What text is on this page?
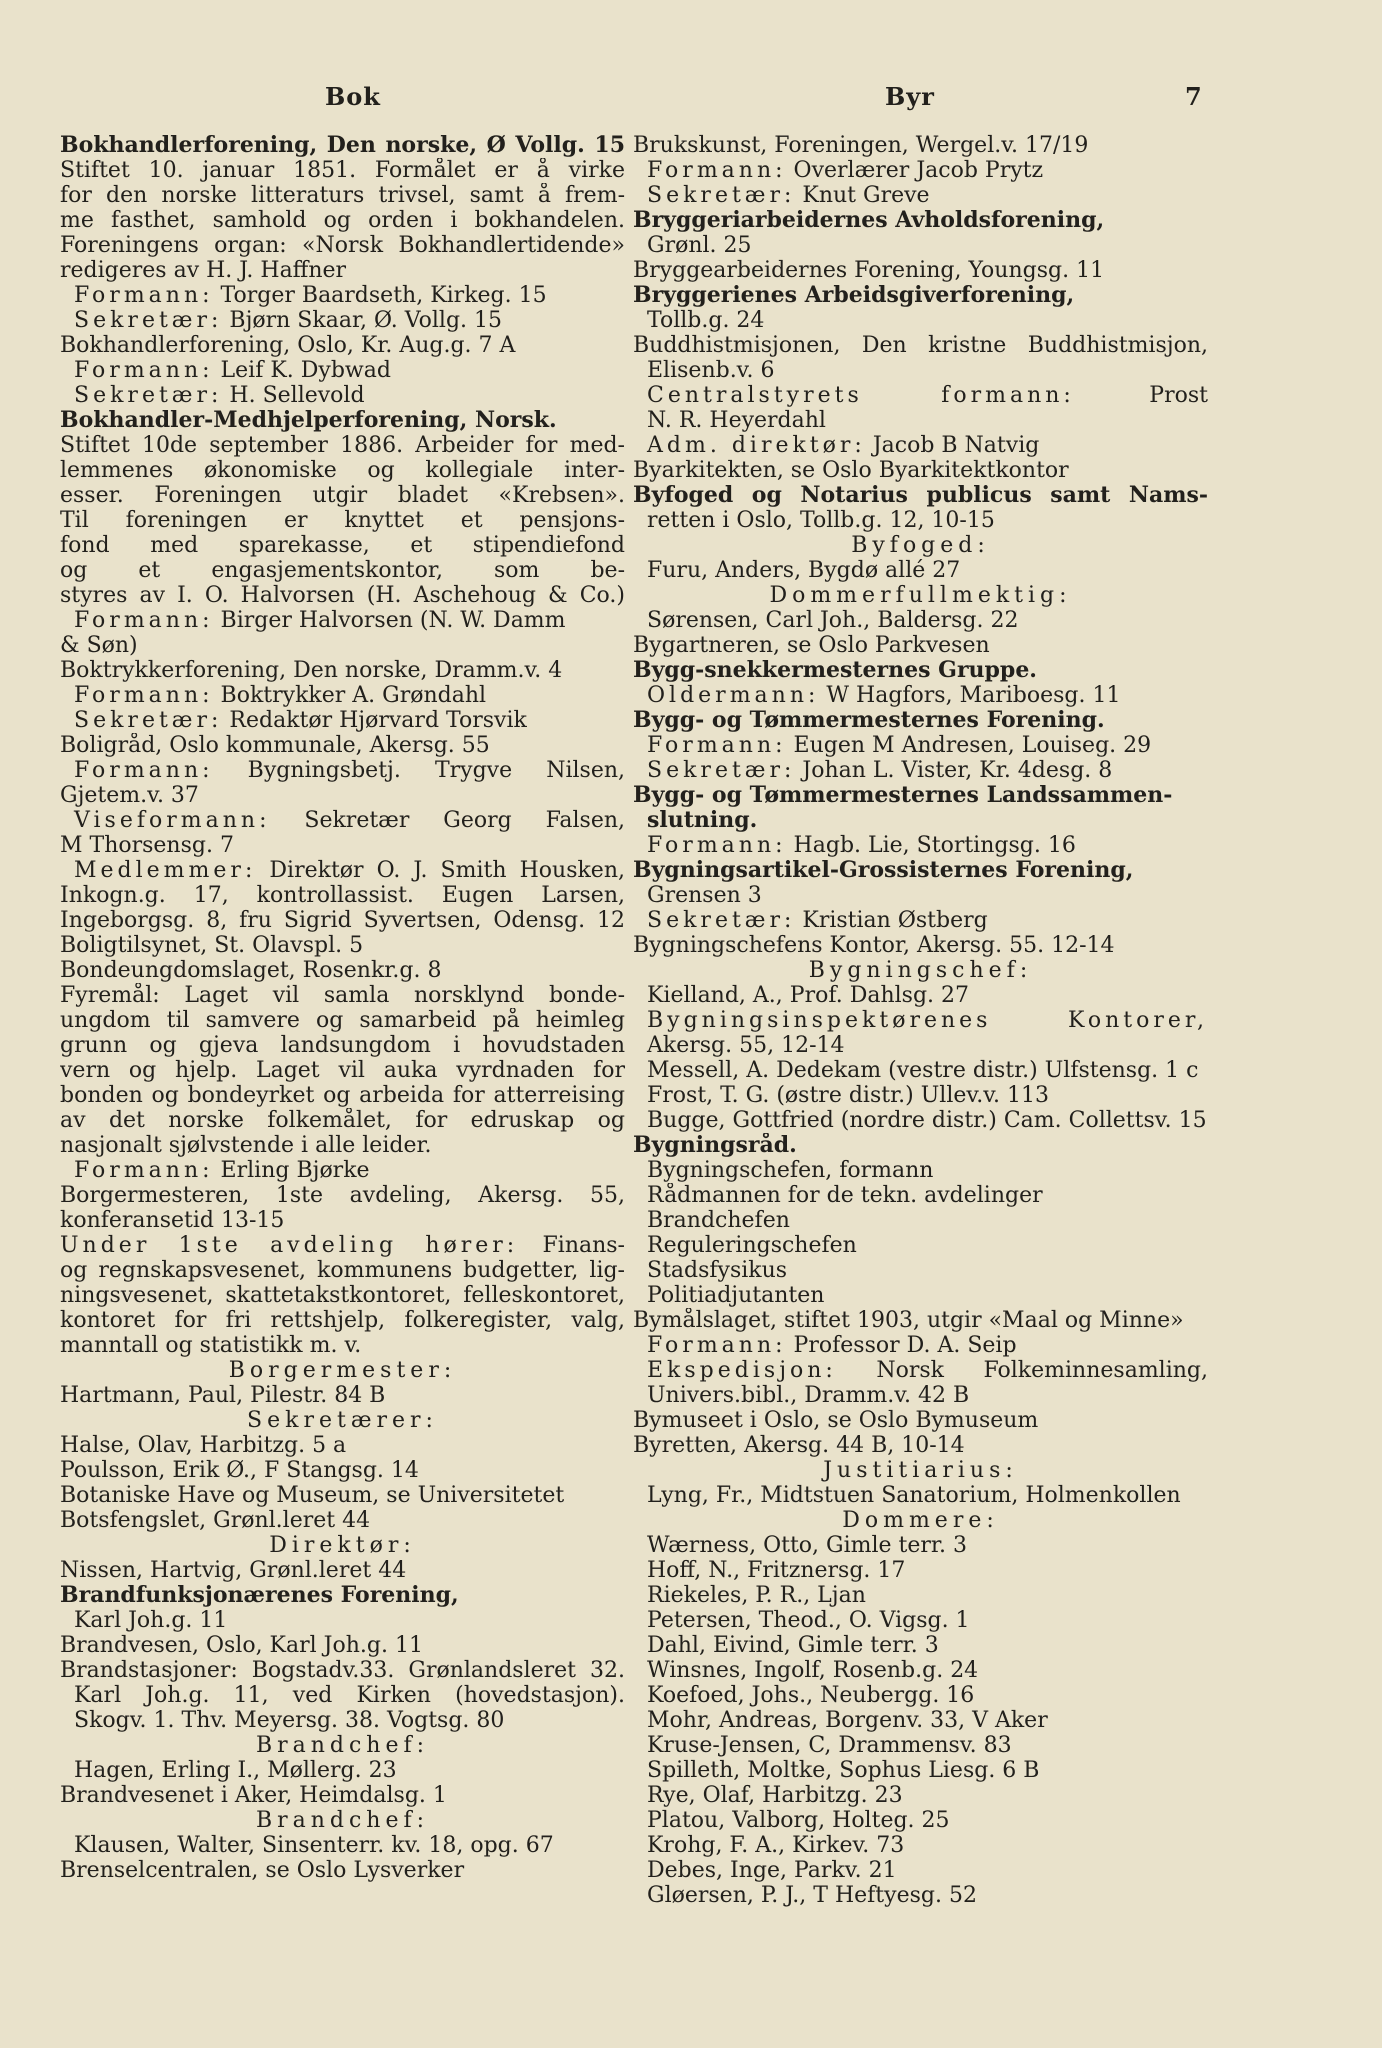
Bok	Byr	7
Bokhandlerforening, Den norske, Ø Vollg. 15
Stiftet 10. januar 1851. Formålet er å virke
for den norske litteraturs trivsel, samt å frem-
me fasthet, samhold og orden i bokhandelen.
Foreningens organ: «Norsk Bokhandlertidende»
redigeres av H. J. Haffner
Formann: Torger Baardseth, Kirkeg. 15
Sekretær: Bjørn Skaar, Ø. Vollg. 15
Bokhandlerforening, Oslo, Kr. Aug.g. 7 A
Formann: Leif K. Dybwad
Sekretær: H. Sellevold
Bokhandler-Medhjelperforening, Norsk.
Stiftet 10de september 1886. Arbeider for med-
lemmenes økonomiske og kollegiale inter-
esser. Foreningen utgir bladet «Krebsen».
Til foreningen er knyttet et pensjons-
fond med sparekasse, et stipendiefond
og et engasjementskontor, som be-
styres av I. O. Halvorsen (H. Aschehoug & Co.)
Formann: Birger Halvorsen (N. W. Damm
& Søn)
Boktrykkerforening, Den norske, Dramm.v. 4
Formann: Boktrykker A. Grøndahl
Sekretær: Redaktør Hjørvard Torsvik
Boligråd, Oslo kommunale, Akersg. 55
Formann: Bygningsbetj. Trygve Nilsen,
Gjetem.v. 37
Viseformann: Sekretær Georg Falsen,
M Thorsensg. 7
Medlemmer: Direktør O. J. Smith Housken,
Inkogn.g. 17, kontrollassist. Eugen Larsen,
Ingeborgsg. 8, fru Sigrid Syvertsen, Odensg. 12
Boligtilsynet, St. Olavspl. 5
Bondeungdomslaget, Rosenkr.g. 8
Fyremål: Laget vil samla norsklynd bonde-
ungdom til samvere og samarbeid på heimleg
grunn og gjeva landsungdom i hovudstaden
vern og hjelp. Laget vil auka vyrdnaden for
bonden og bondeyrket og arbeida for atterreising
av det norske folkemålet, for edruskap og
nasjonalt sjølvstende i alle leider.
Formann: Erling Bjørke
Borgermesteren, 1ste avdeling, Akersg. 55,
konferansetid 13-15
Under 1ste avdeling hører: Finans-
og regnskapsvesenet, kommunens budgetter, lig-
ningsvesenet, skattetakstkontoret, felleskontoret,
kontoret for fri rettshjelp, folkeregister, valg,
manntall og statistikk m. v.
Borgermester:
Hartmann, Paul, Pilestr. 84 B
Sekretærer:
Halse, Olav, Harbitzg. 5 a
Poulsson, Erik Ø., F Stangsg. 14
Botaniske Have og Museum, se Universitetet
Botsfengslet, Grønl.leret 44
Direktør:
Nissen, Hartvig, Grønl.leret 44
Brandfunksjonærenes Forening,
Karl Joh.g. 11
Brandvesen, Oslo, Karl Joh.g. 11
Brandstasjoner: Bogstadv.33. Grønlandsleret 32.
Karl Joh.g. 11, ved Kirken (hovedstasjon).
Skogv. 1. Thv. Meyersg. 38. Vogtsg. 80
Brandchef:
Hagen, Erling I., Møllerg. 23
Brandvesenet i Aker, Heimdalsg. 1
Brandchef:
Klausen, Walter, Sinsenterr. kv. 18, opg. 67
Brenselcentralen, se Oslo Lysverker
Brukskunst, Foreningen, Wergel.v. 17/19
Formann: Overlærer Jacob Prytz
Sekretær: Knut Greve
Bryggeriarbeidernes Avholdsforening,
Grønl. 25
Bryggearbeidernes Forening, Youngsg. 11
Bryggerienes Arbeidsgiverforening,
Tollb.g. 24
Buddhistmisjonen, Den kristne Buddhistmisjon,
Elisenb.v. 6
Centralstyrets formann: Prost
N. R. Heyerdahl
Adm. direktør: Jacob B Natvig
Byarkitekten, se Oslo Byarkitektkontor
Byfoged og Notarius publicus samt Nams-
retten i Oslo, Tollb.g. 12, 10-15
Byfoged:
Furu, Anders, Bygdø allé 27
Dommerfullmektig:
Sørensen, Carl Joh., Baldersg. 22
Bygartneren, se Oslo Parkvesen
Bygg-snekkermesternes Gruppe.
Oldermann: W Hagfors, Mariboesg. 11
Bygg- og Tømmermesternes Forening.
Formann: Eugen M Andresen, Louiseg. 29
Sekretær: Johan L. Vister, Kr. 4desg. 8
Bygg- og Tømmermesternes Landssammen-
slutning.
Formann: Hagb. Lie, Stortingsg. 16
Bygningsartikel-Grossisternes Forening,
Grensen 3
Sekretær: Kristian Østberg
Bygningschefens Kontor, Akersg. 55. 12-14
Bygningschef:
Kielland, A., Prof. Dahlsg. 27
Bygningsinspektørenes Kontorer,
Akersg. 55, 12-14
Messell, A. Dedekam (vestre distr.) Ulfstensg. 1 c
Frost, T. G. (østre distr.) Ullev.v. 113
Bugge, Gottfried (nordre distr.) Cam. Collettsv. 15
Bygningsråd.
Bygningschefen, formann
Rådmannen for de tekn. avdelinger
Brandchefen
Reguleringschefen
Stadsfysikus
Politiadjutanten
Bymålslaget, stiftet 1903, utgir «Maal og Minne»
Formann: Professor D. A. Seip
Ekspedisjon: Norsk Folkeminnesamling,
Univers.bibl., Dramm.v. 42 B
Bymuseet i Oslo, se Oslo Bymuseum
Byretten, Akersg. 44 B, 10-14
Justitiarius:
Lyng, Fr., Midtstuen Sanatorium, Holmenkollen
Dommere:
Wærness, Otto, Gimle terr. 3
Hoff, N., Fritznersg. 17
Riekeles, P. R., Ljan
Petersen, Theod., O. Vigsg. 1
Dahl, Eivind, Gimle terr. 3
Winsnes, Ingolf, Rosenb.g. 24
Koefoed, Johs., Neubergg. 16
Mohr, Andreas, Borgenv. 33, V Aker
Kruse-Jensen, C, Drammensv. 83
Spilleth, Moltke, Sophus Liesg. 6 B
Rye, Olaf, Harbitzg. 23
Platou, Valborg, Holteg. 25
Krohg, F. A., Kirkev. 73
Debes, Inge, Parkv. 21
Gløersen, P. J., T Heftyesg. 52
